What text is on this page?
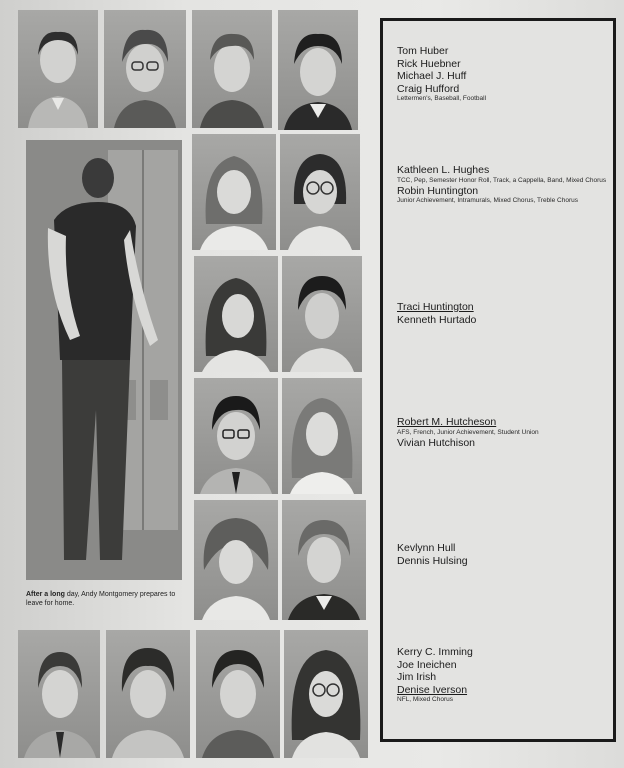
After a long day, Andy Montgomery prepares to leave for home.
Tom Huber
Rick Huebner
Michael J. Huff
Craig Hufford
Lettermen's, Baseball, Football
Kathleen L. Hughes
TCC, Pep, Semester Honor Roll, Track, a Cappella, Band, Mixed Chorus
Robin Huntington
Junior Achievement, Intramurals, Mixed Chorus, Treble Chorus
Traci Huntington
Kenneth Hurtado
Robert M. Hutcheson
AFS, French, Junior Achievement, Student Union
Vivian Hutchison
Kevlynn Hull
Dennis Hulsing
Kerry C. Imming
Joe Ineichen
Jim Irish
Denise Iverson
NFL, Mixed Chorus
